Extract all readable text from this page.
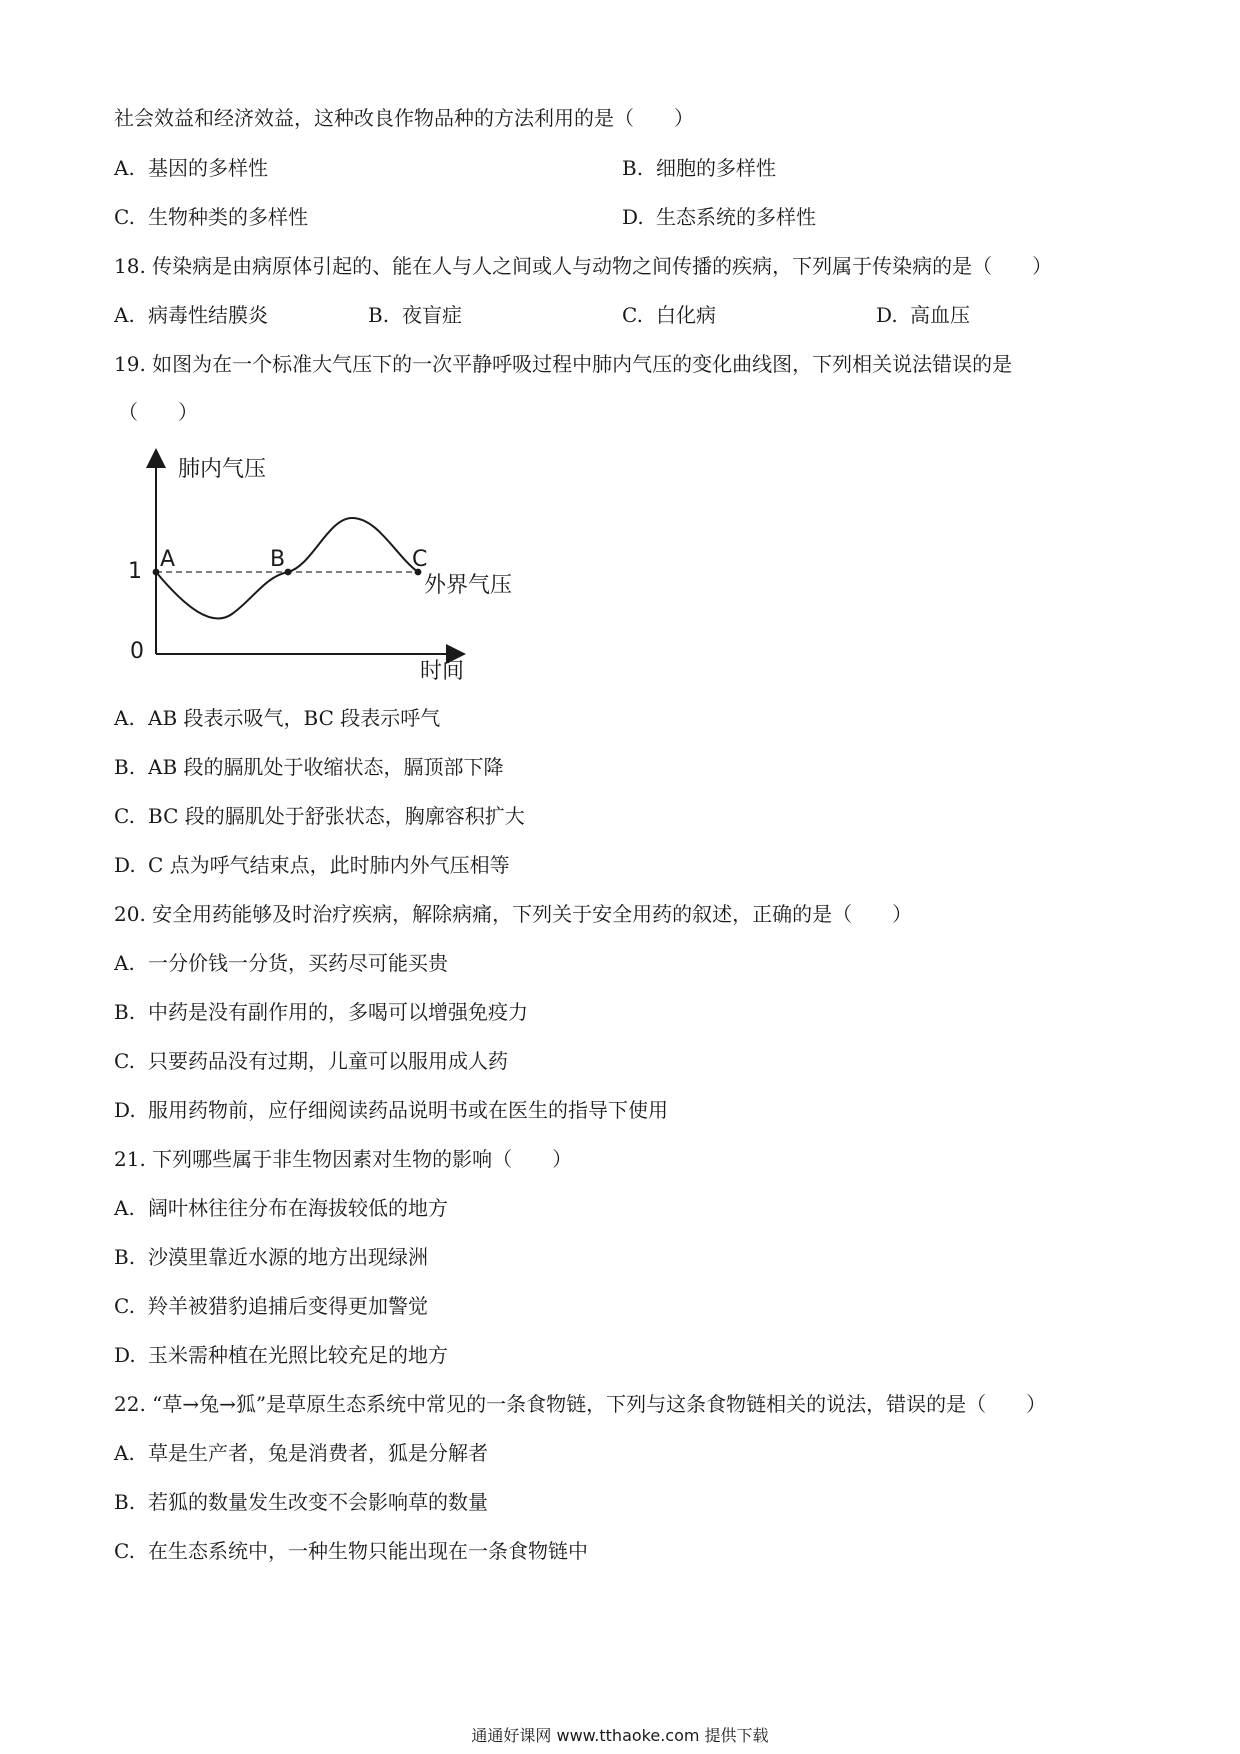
社会效益和经济效益，这种改良作物品种的方法利用的是（　　）
A. 基因的多样性	B. 细胞的多样性
C. 生物种类的多样性	D. 生态系统的多样性
18. 传染病是由病原体引起的、能在人与人之间或人与动物之间传播的疾病，下列属于传染病的是（　　）
A. 病毒性结膜炎	B. 夜盲症	C. 白化病	D. 高血压
19. 如图为在一个标准大气压下的一次平静呼吸过程中肺内气压的变化曲线图，下列相关说法错误的是
（　　）
肺内气压
1
0
A	B	C
外界气压
时间
A. AB 段表示吸气，BC 段表示呼气
B. AB 段的膈肌处于收缩状态，膈顶部下降
C. BC 段的膈肌处于舒张状态，胸廓容积扩大
D. C 点为呼气结束点，此时肺内外气压相等
20. 安全用药能够及时治疗疾病，解除病痛，下列关于安全用药的叙述，正确的是（　　）
A. 一分价钱一分货，买药尽可能买贵
B. 中药是没有副作用的，多喝可以增强免疫力
C. 只要药品没有过期，儿童可以服用成人药
D. 服用药物前，应仔细阅读药品说明书或在医生的指导下使用
21. 下列哪些属于非生物因素对生物的影响（　　）
A. 阔叶林往往分布在海拔较低的地方
B. 沙漠里靠近水源的地方出现绿洲
C. 羚羊被猎豹追捕后变得更加警觉
D. 玉米需种植在光照比较充足的地方
22. “草→兔→狐”是草原生态系统中常见的一条食物链，下列与这条食物链相关的说法，错误的是（　　）
A. 草是生产者，兔是消费者，狐是分解者
B. 若狐的数量发生改变不会影响草的数量
C. 在生态系统中，一种生物只能出现在一条食物链中
通通好课网 www.tthaoke.com 提供下载
